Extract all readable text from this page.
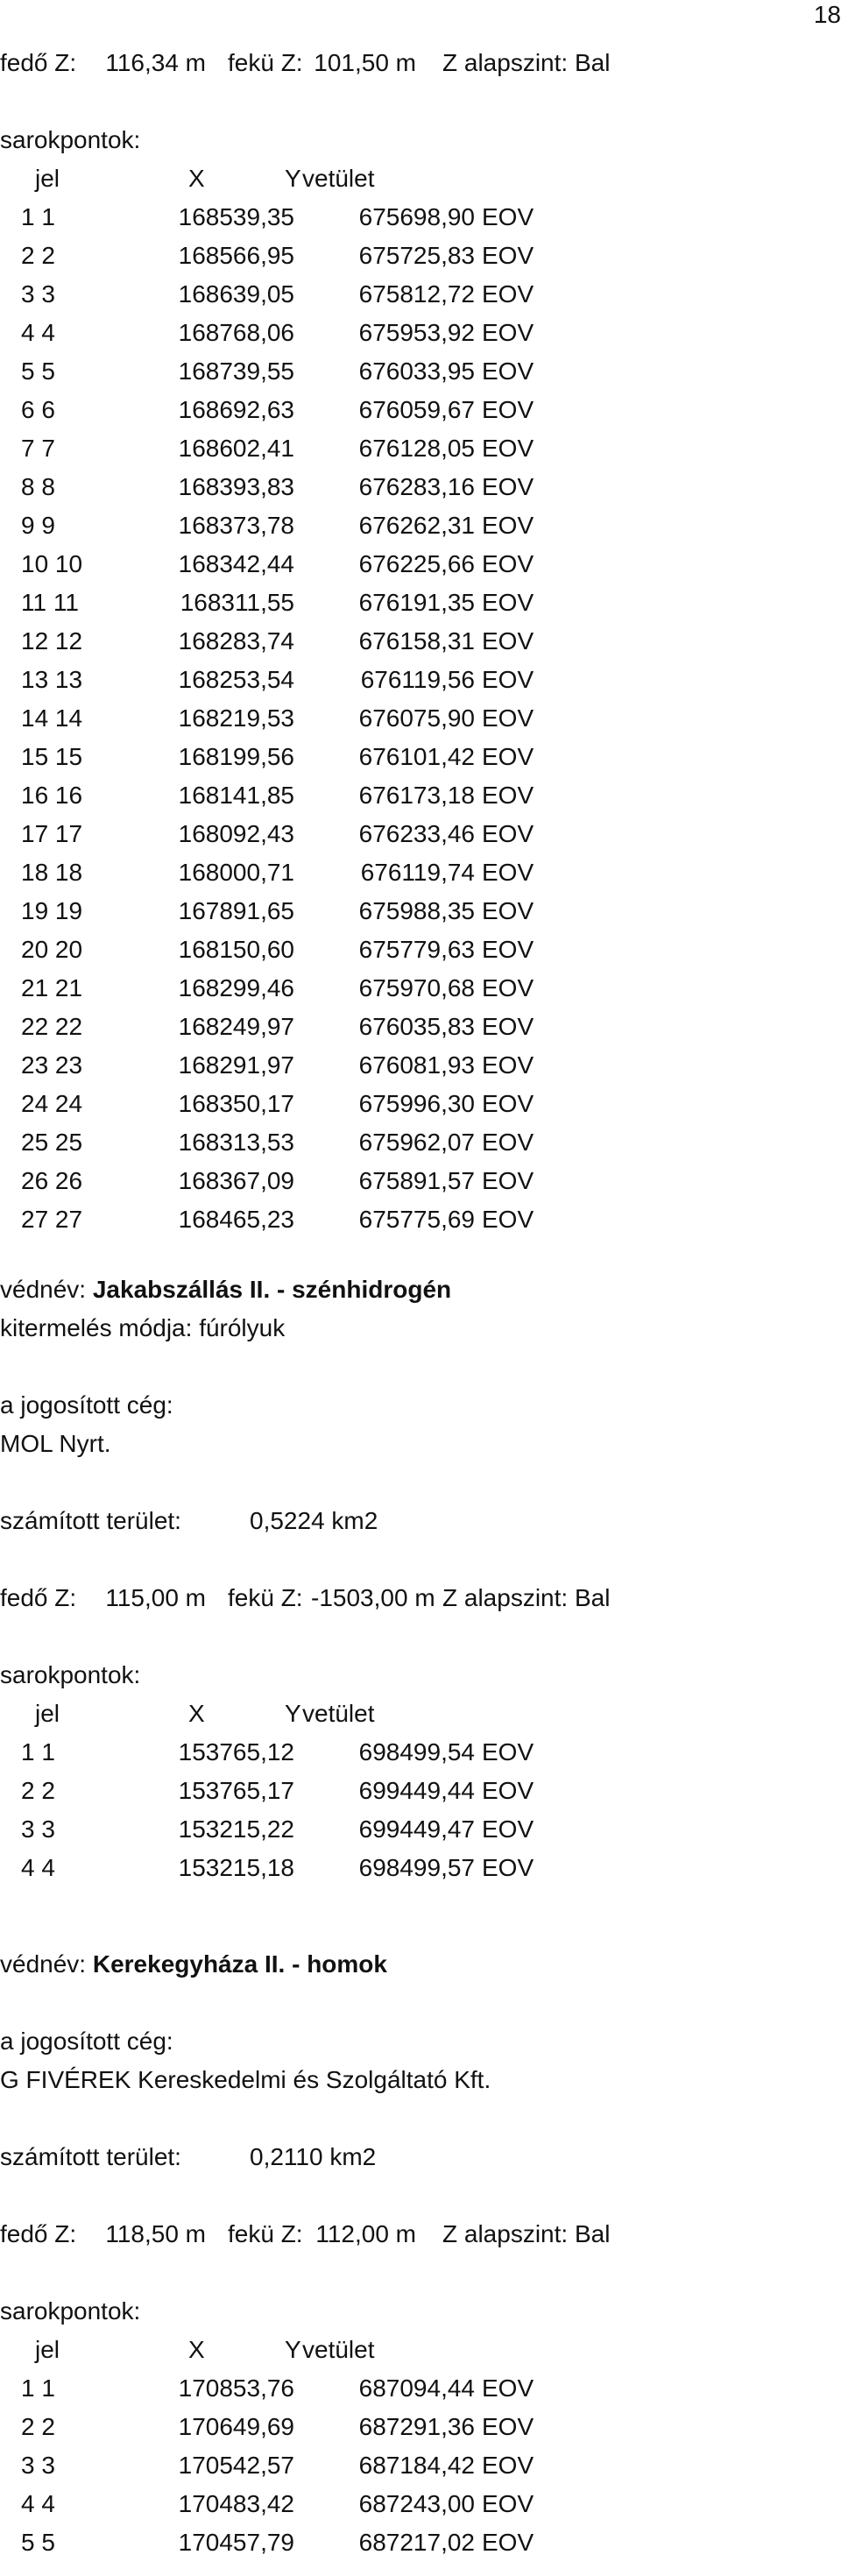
18
fedő Z: 116,34 m fekü Z: 101,50 m Z alapszint: Bal
sarokpontok:
jel	X	Yvetület
1 1	168539,35	675698,90 EOV
2 2	168566,95	675725,83 EOV
3 3	168639,05	675812,72 EOV
4 4	168768,06	675953,92 EOV
5 5	168739,55	676033,95 EOV
6 6	168692,63	676059,67 EOV
7 7	168602,41	676128,05 EOV
8 8	168393,83	676283,16 EOV
9 9	168373,78	676262,31 EOV
10 10	168342,44	676225,66 EOV
11 11	168311,55	676191,35 EOV
12 12	168283,74	676158,31 EOV
13 13	168253,54	676119,56 EOV
14 14	168219,53	676075,90 EOV
15 15	168199,56	676101,42 EOV
16 16	168141,85	676173,18 EOV
17 17	168092,43	676233,46 EOV
18 18	168000,71	676119,74 EOV
19 19	167891,65	675988,35 EOV
20 20	168150,60	675779,63 EOV
21 21	168299,46	675970,68 EOV
22 22	168249,97	676035,83 EOV
23 23	168291,97	676081,93 EOV
24 24	168350,17	675996,30 EOV
25 25	168313,53	675962,07 EOV
26 26	168367,09	675891,57 EOV
27 27	168465,23	675775,69 EOV
védnév: Jakabszállás II. - szénhidrogén
kitermelés módja: fúrólyuk
a jogosított cég:
MOL Nyrt.
számított terület:	0,5224 km2
fedő Z: 115,00 m fekü Z: -1503,00 m Z alapszint: Bal
sarokpontok:
jel	X	Yvetület
1 1	153765,12	698499,54 EOV
2 2	153765,17	699449,44 EOV
3 3	153215,22	699449,47 EOV
4 4	153215,18	698499,57 EOV
védnév: Kerekegyháza II. - homok
a jogosított cég:
G FIVÉREK Kereskedelmi és Szolgáltató Kft.
számított terület:	0,2110 km2
fedő Z: 118,50 m fekü Z: 112,00 m Z alapszint: Bal
sarokpontok:
jel	X	Yvetület
1 1	170853,76	687094,44 EOV
2 2	170649,69	687291,36 EOV
3 3	170542,57	687184,42 EOV
4 4	170483,42	687243,00 EOV
5 5	170457,79	687217,02 EOV
